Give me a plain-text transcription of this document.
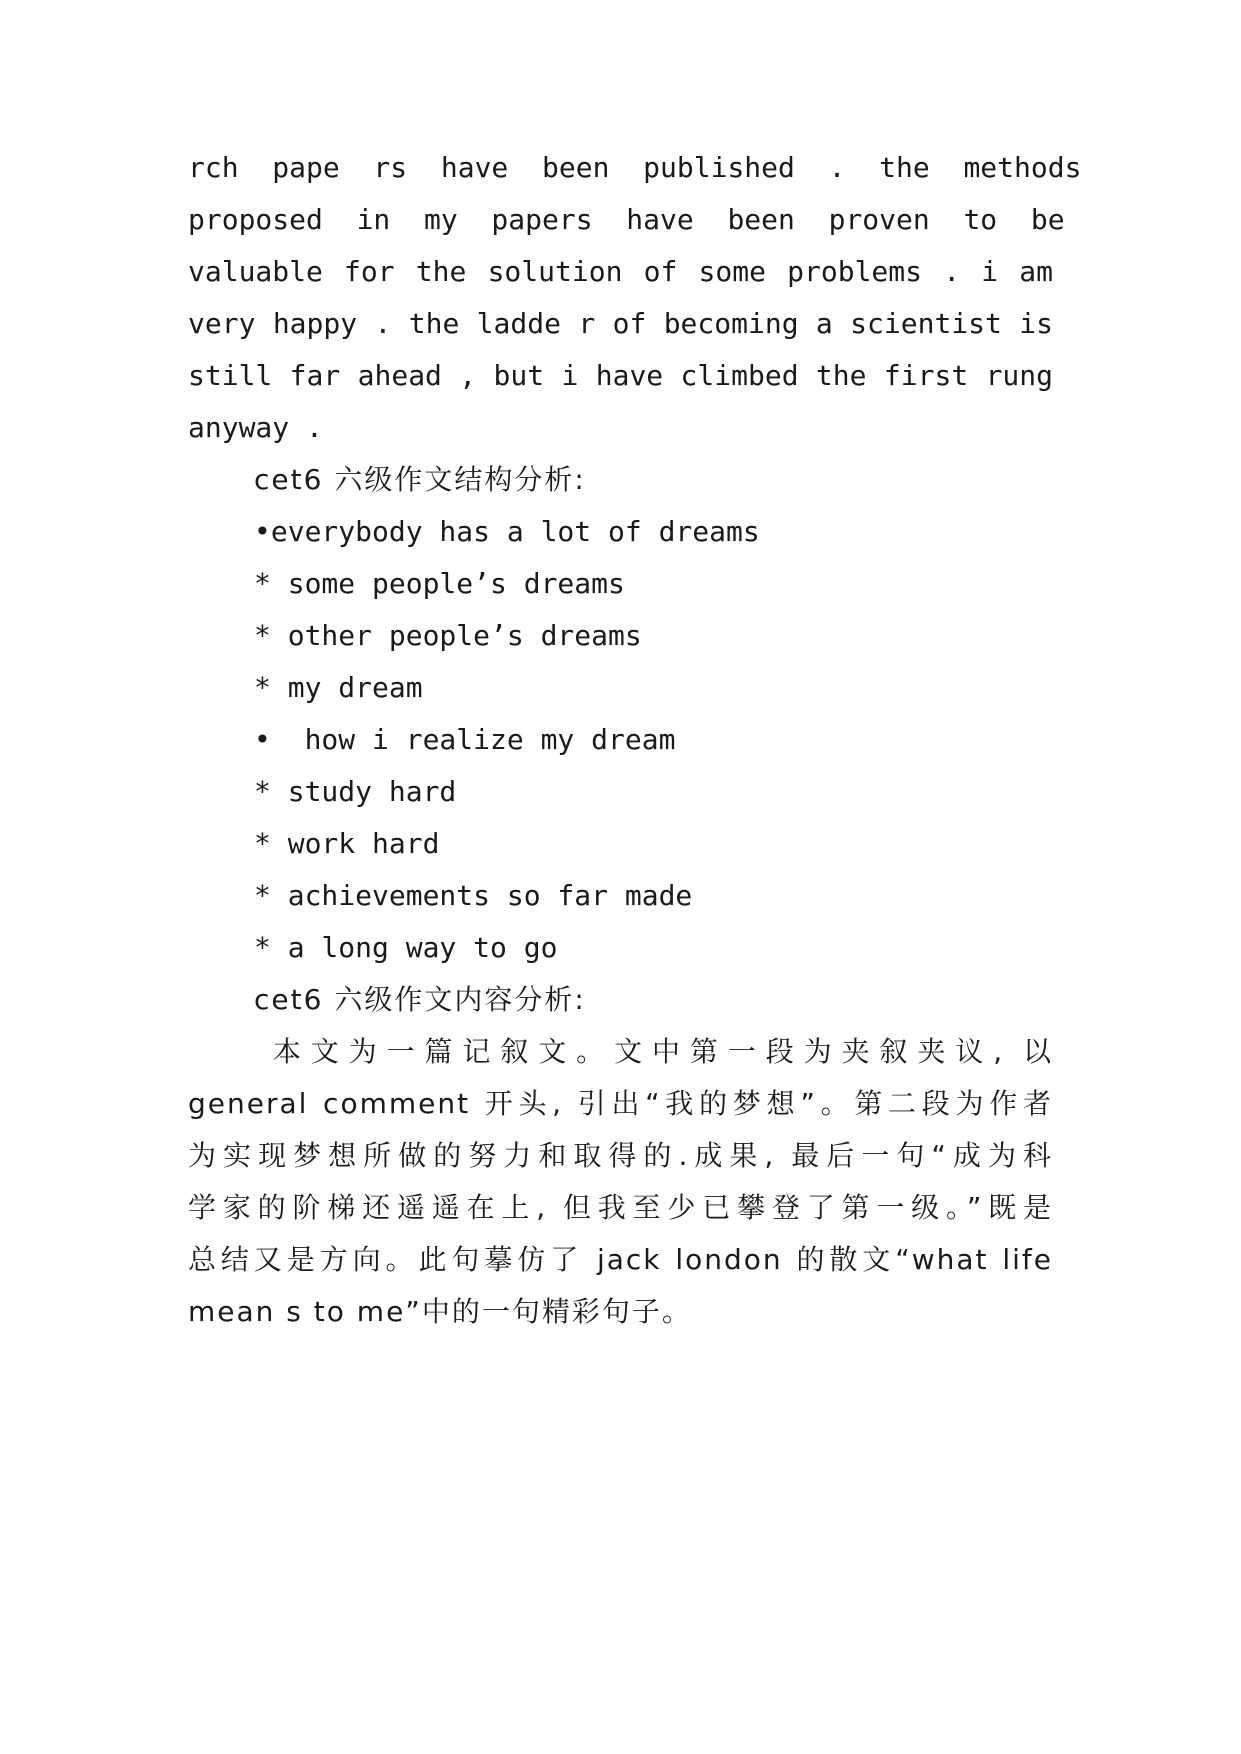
rch  pape  rs  have  been  published  .  the  methods
proposed  in  my  papers  have  been  proven  to  be
valuable for the solution of some problems . i am
very happy . the ladde r of becoming a scientist is
still far ahead , but i have climbed the first rung
anyway .
cet6 六级作文结构分析:
•everybody has a lot of dreams
* some people’s dreams
* other people’s dreams
* my dream
•  how i realize my dream
* study hard
* work hard
* achievements so far made
* a long way to go
cet6 六级作文内容分析:
本文为一篇记叙文。文中第一段为夹叙夹议, 以
general comment 开头, 引出“我的梦想”。第二段为作者
为实现梦想所做的努力和取得的.成果, 最后一句“成为科
学家的阶梯还遥遥在上, 但我至少已攀登了第一级。”既是
总结又是方向。此句摹仿了 jack london 的散文“what life
mean s to me”中的一句精彩句子。
